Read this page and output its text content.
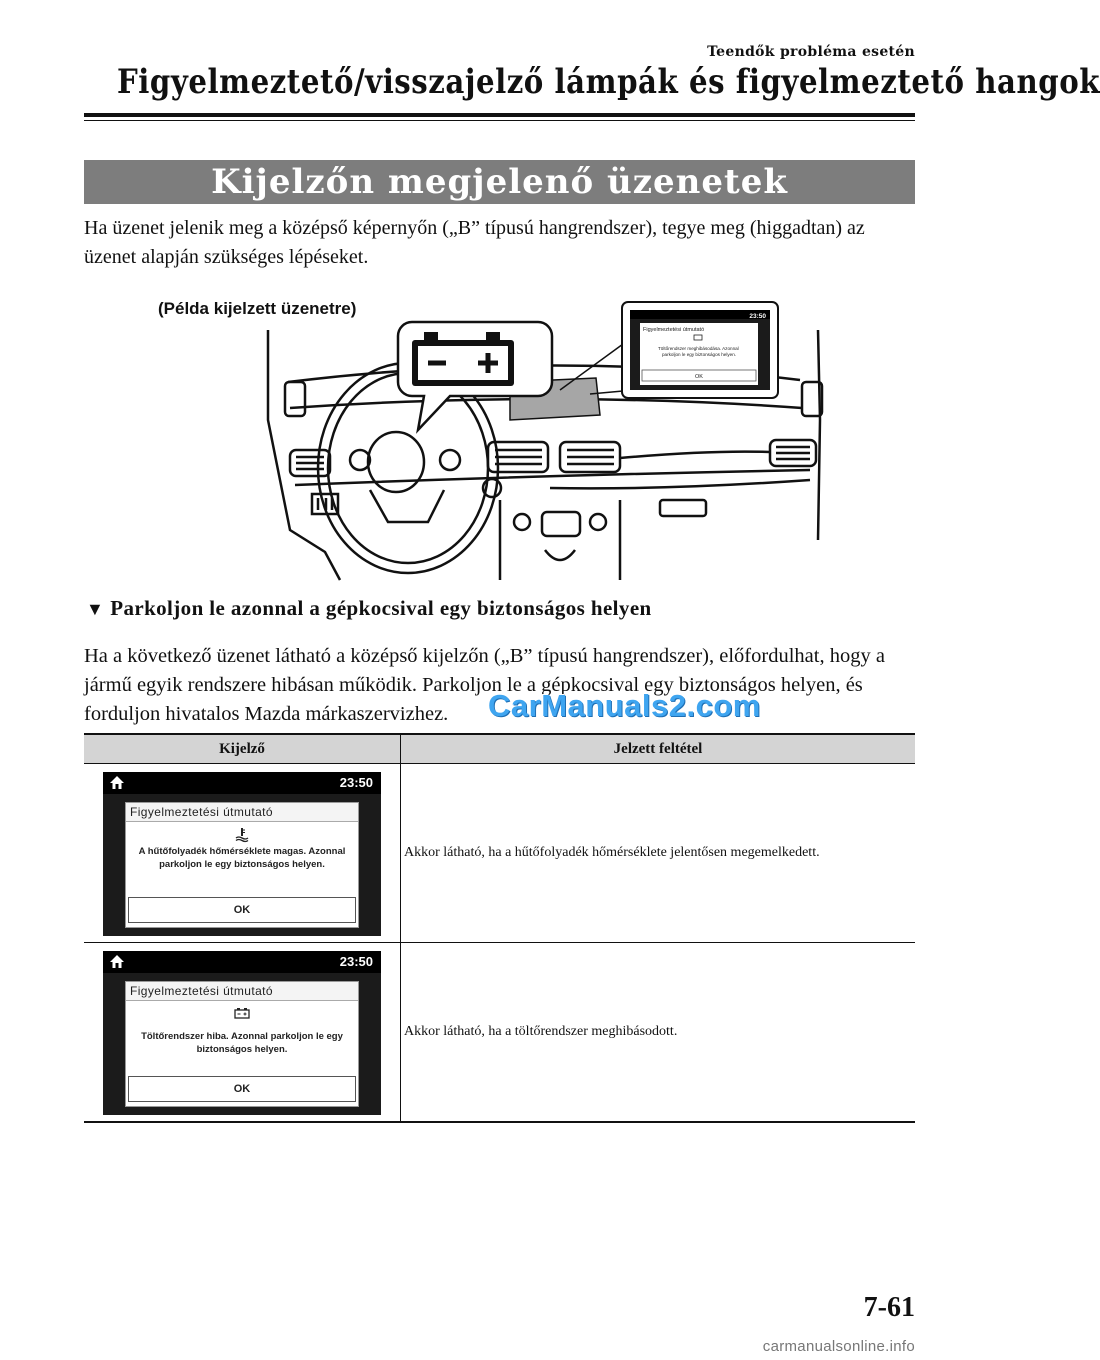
Teendők probléma esetén
Figyelmeztető/visszajelző lámpák és figyelmeztető hangok
Kijelzőn megjelenő üzenetek
Ha üzenet jelenik meg a középső képernyőn („B” típusú hangrendszer), tegye meg (higgadtan) az üzenet alapján szükséges lépéseket.
(Példa kijelzett üzenetre)	23:50
Figyelmeztetési útmutató
Töltőrendszer meghibásodása. Azonnal parkoljon le egy biztonságos helyen.
OK
▼ Parkoljon le azonnal a gépkocsival egy biztonságos helyen
Ha a következő üzenet látható a középső kijelzőn („B” típusú hangrendszer), előfordulhat, hogy a jármű egyik rendszere hibásan működik. Parkoljon le a gépkocsival egy biztonságos helyen, és forduljon hivatalos Mazda márkaszervizhez.	CarManuals2.com
Kijelző	Jelzett feltétel

23:50
Figyelmeztetési útmutató
A hűtőfolyadék hőmérséklete magas. Azonnal parkoljon le egy biztonságos helyen.
OK	Akkor látható, ha a hűtőfolyadék hőmérséklete jelentősen megemelkedett.

23:50
Figyelmeztetési útmutató
Töltőrendszer hiba. Azonnal parkoljon le egy biztonságos helyen.
OK	Akkor látható, ha a töltőrendszer meghibásodott.
7-61
carmanualsonline.info
